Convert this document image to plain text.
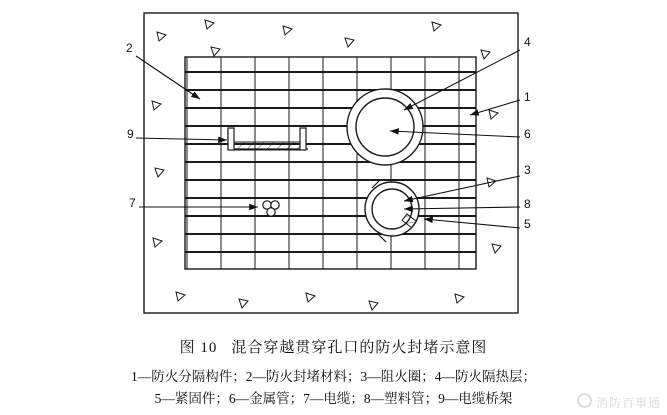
2
9
7
4
1
6
3
8
5
图 10 混合穿越贯穿孔口的防火封堵示意图
1—防火分隔构件；2—防火封堵材料；3—阻火圈；4—防火隔热层；
5—紧固件；6—金属管；7—电缆；8—塑料管；9—电缆桥架	消防百事通
